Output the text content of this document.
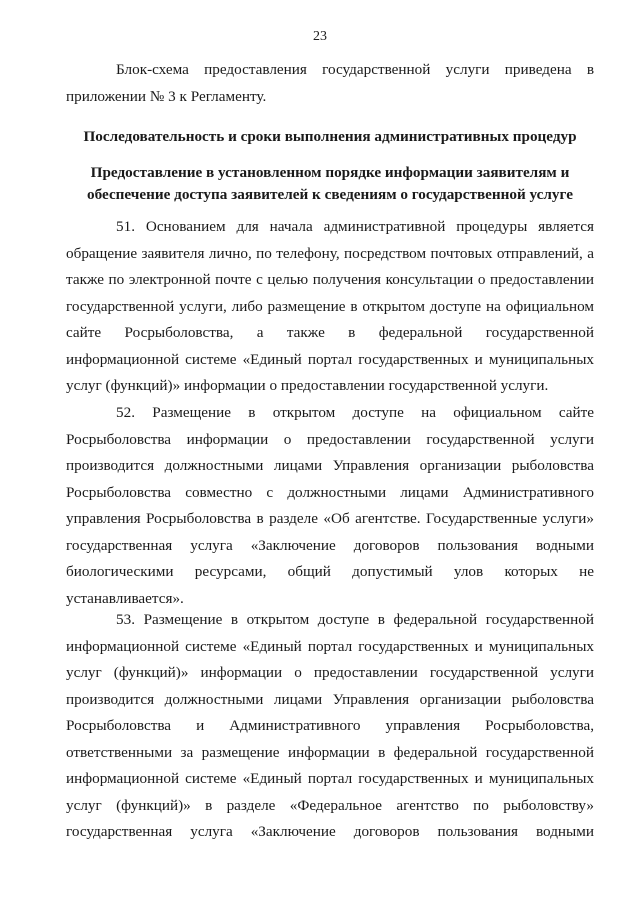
23
Блок-схема предоставления государственной услуги приведена в
приложении № 3 к Регламенту.
Последовательность и сроки выполнения административных процедур
Предоставление в установленном порядке информации заявителям и
обеспечение доступа заявителей к сведениям о государственной услуге
51. Основанием для начала административной процедуры является
обращение заявителя лично, по телефону, посредством почтовых отправлений, а
также по электронной почте с целью получения консультации о предоставлении
государственной услуги, либо размещение в открытом доступе на официальном
сайте Росрыболовства, а также в федеральной государственной
информационной системе «Единый портал государственных и муниципальных
услуг (функций)» информации о предоставлении государственной услуги.
52. Размещение в открытом доступе на официальном сайте
Росрыболовства информации о предоставлении государственной услуги
производится должностными лицами Управления организации рыболовства
Росрыболовства совместно с должностными лицами Административного
управления Росрыболовства в разделе «Об агентстве. Государственные услуги»
государственная услуга «Заключение договоров пользования водными
биологическими ресурсами, общий допустимый улов которых не
устанавливается».
53. Размещение в открытом доступе в федеральной государственной
информационной системе «Единый портал государственных и муниципальных
услуг (функций)» информации о предоставлении государственной услуги
производится должностными лицами Управления организации рыболовства
Росрыболовства и Административного управления Росрыболовства,
ответственными за размещение информации в федеральной государственной
информационной системе «Единый портал государственных и муниципальных
услуг (функций)» в разделе «Федеральное агентство по рыболовству»
государственная услуга «Заключение договоров пользования водными
